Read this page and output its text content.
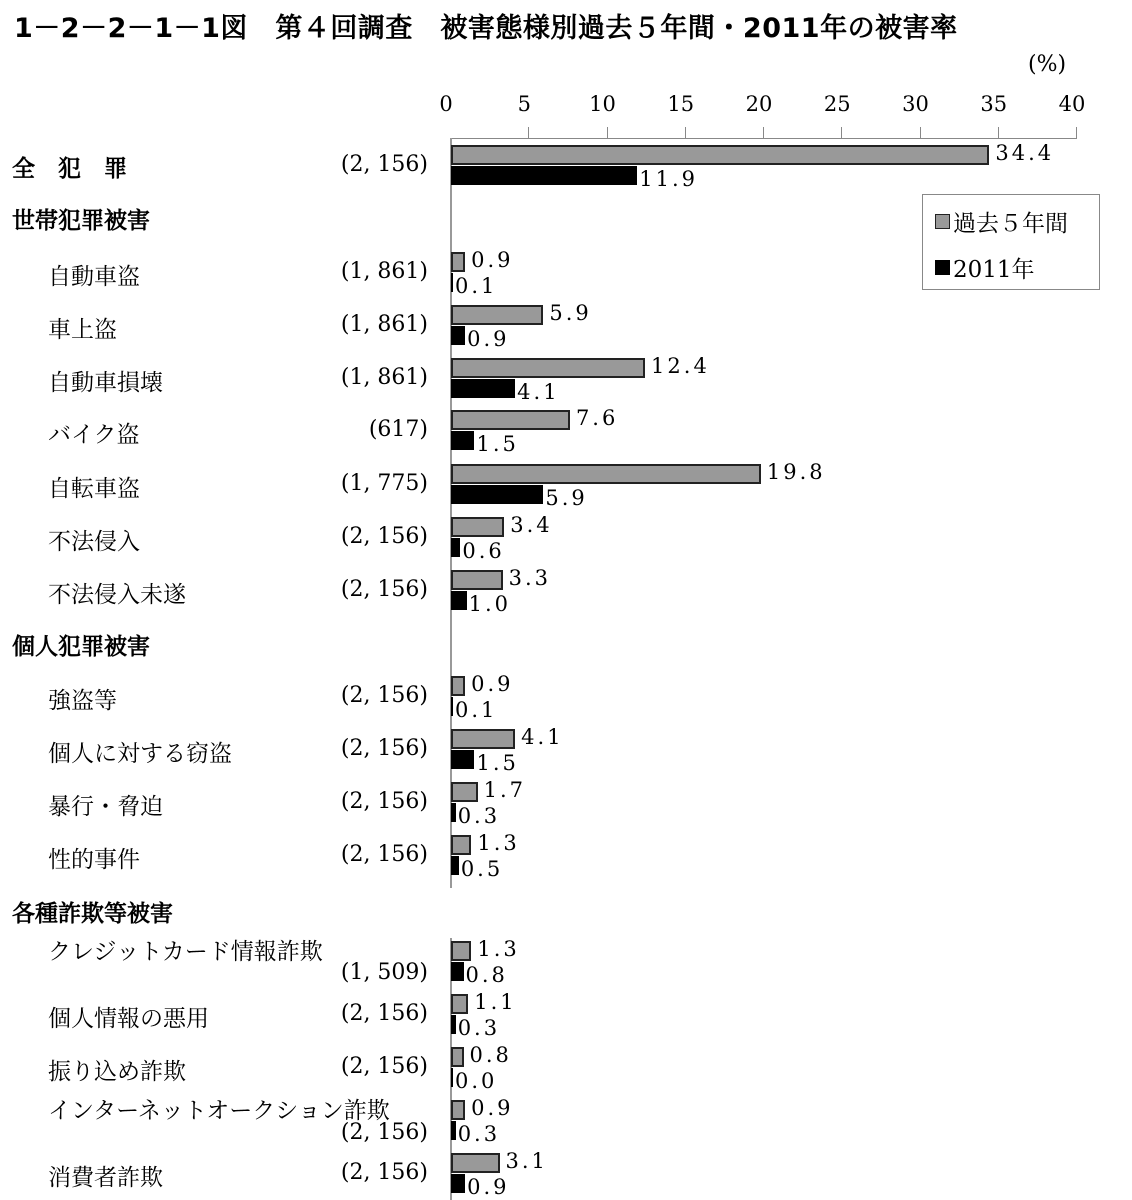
1－2－2－1－1図　第４回調査　被害態様別過去５年間・2011年の被害率
(%)
0	5	10 15 20 25 30 35 40
全　犯　罪
世帯犯罪被害
個人犯罪被害
各種詐欺等被害
(2, 156)	34.4
11.9
自動車盗	(1, 861) 0.9
0.1
車上盗	(1, 861)	5.9
0.9
自動車損壊	(1, 861)	12.4
4.1
バイク盗	(617)	7.6
1.5
自転車盗	(1, 775)	19.8
5.9
不法侵入	(2, 156)	3.4
0.6
不法侵入未遂	(2, 156)	3.3
1.0
強盗等	(2, 156) 0.9
0.1
個人に対する窃盗	(2, 156)	4.1
1.5
暴行・脅迫	(2, 156)	1.7
0.3
性的事件	(2, 156) 1.3
0.5
クレジットカード情報詐欺
(1, 509)
1.3
0.8
個人情報の悪用	(2, 156) 1.1
0.3
振り込め詐欺	(2, 156) 0.8
0.0
インターネットオークション詐欺
(2, 156)
0.9
0.3
消費者詐欺	(2, 156)	3.1
0.9
過去５年間
2011年
